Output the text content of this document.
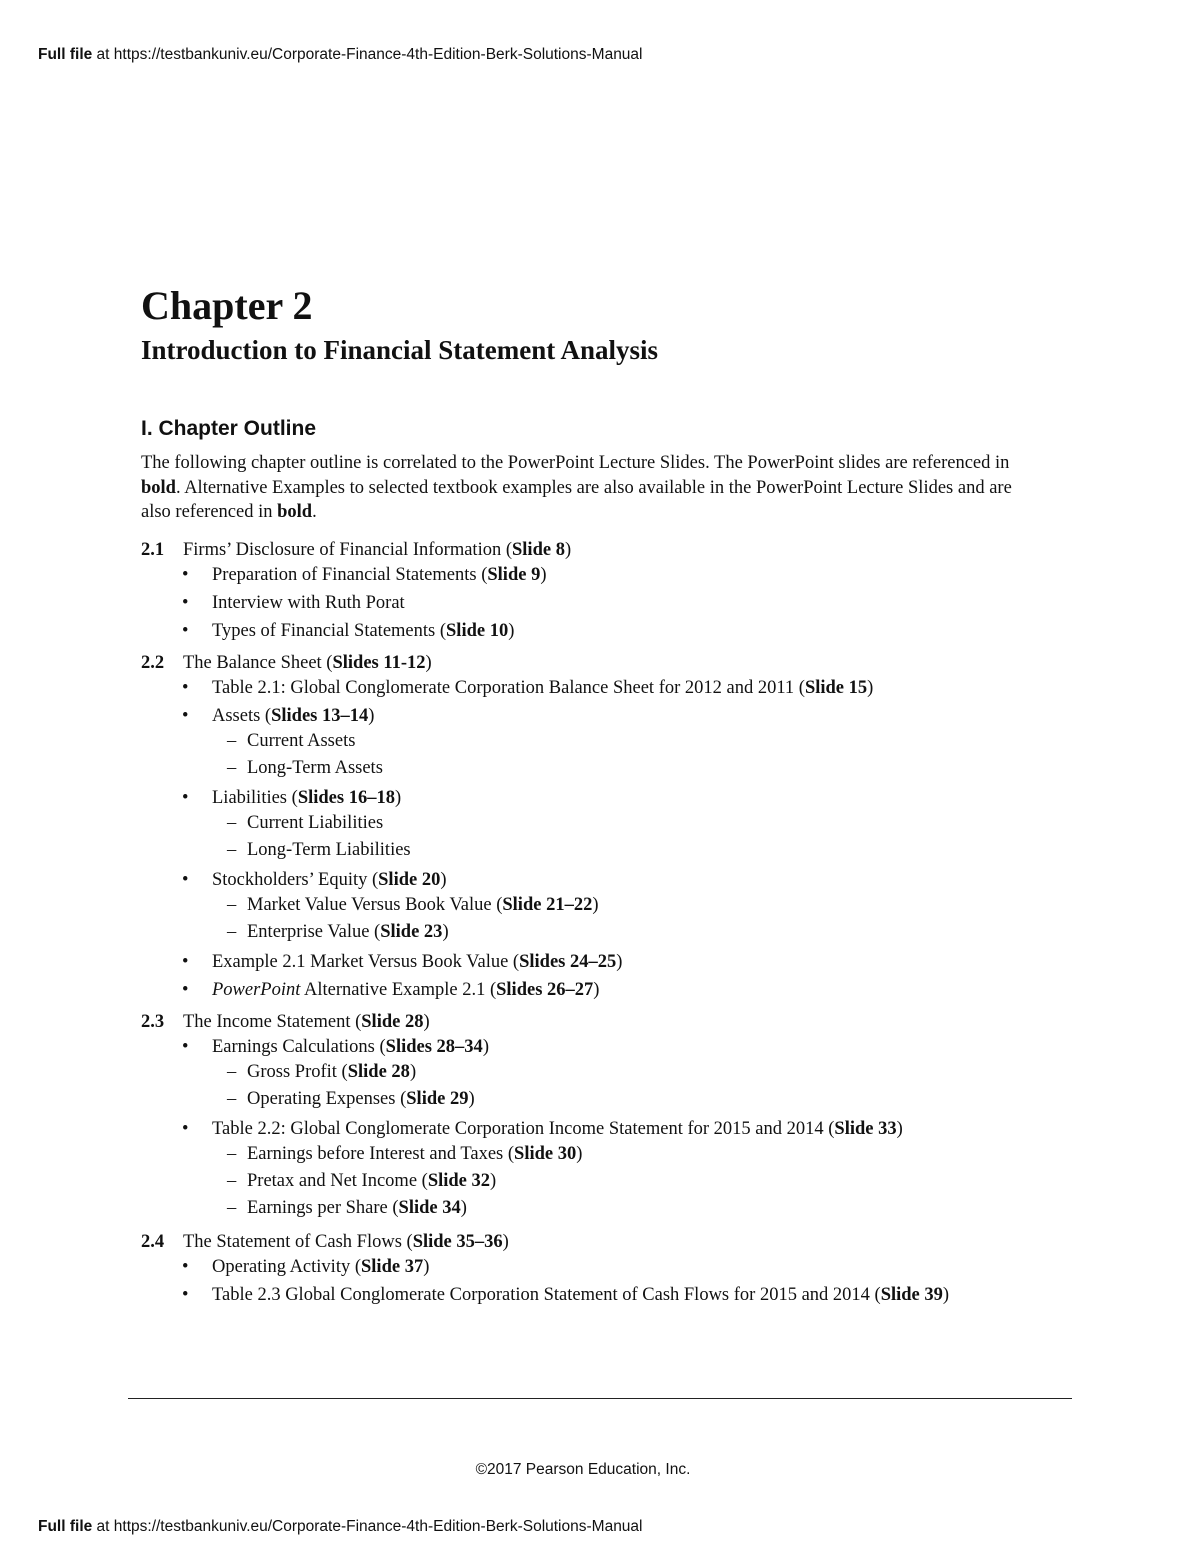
Full file at https://testbankuniv.eu/Corporate-Finance-4th-Edition-Berk-Solutions-Manual
Chapter 2
Introduction to Financial Statement Analysis
I. Chapter Outline

The following chapter outline is correlated to the PowerPoint Lecture Slides. The PowerPoint slides are referenced in bold. Alternative Examples to selected textbook examples are also available in the PowerPoint Lecture Slides and are also referenced in bold.

2.1	Firms’ Disclosure of Financial Information (Slide 8)
• Preparation of Financial Statements (Slide 9)
• Interview with Ruth Porat
• Types of Financial Statements (Slide 10)
2.2	The Balance Sheet (Slides 11-12)
• Table 2.1: Global Conglomerate Corporation Balance Sheet for 2012 and 2011 (Slide 15)
• Assets (Slides 13–14)
– Current Assets
– Long-Term Assets
• Liabilities (Slides 16–18)
– Current Liabilities
– Long-Term Liabilities
• Stockholders’ Equity (Slide 20)
– Market Value Versus Book Value (Slide 21–22)
– Enterprise Value (Slide 23)
• Example 2.1 Market Versus Book Value (Slides 24–25)
• PowerPoint Alternative Example 2.1 (Slides 26–27)
2.3	The Income Statement (Slide 28)
• Earnings Calculations (Slides 28–34)
– Gross Profit (Slide 28)
– Operating Expenses (Slide 29)
• Table 2.2: Global Conglomerate Corporation Income Statement for 2015 and 2014 (Slide 33)
– Earnings before Interest and Taxes (Slide 30)
– Pretax and Net Income (Slide 32)
– Earnings per Share (Slide 34)
2.4	The Statement of Cash Flows (Slide 35–36)
• Operating Activity (Slide 37)
• Table 2.3 Global Conglomerate Corporation Statement of Cash Flows for 2015 and 2014 (Slide 39)
©2017 Pearson Education, Inc.
Full file at https://testbankuniv.eu/Corporate-Finance-4th-Edition-Berk-Solutions-Manual
